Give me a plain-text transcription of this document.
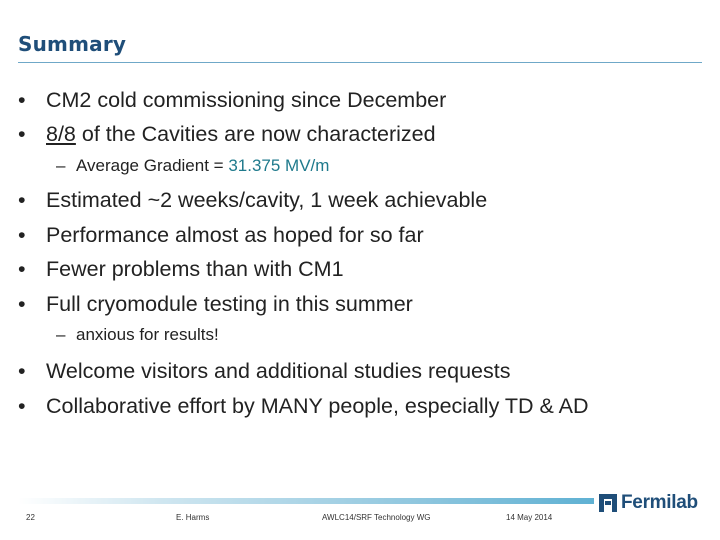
Summary
• CM2 cold commissioning since December
• 8/8 of the Cavities are now characterized
– Average Gradient = 31.375 MV/m
• Estimated ~2 weeks/cavity, 1 week achievable
• Performance almost as hoped for so far
• Fewer problems than with CM1
• Full cryomodule testing in this summer
– anxious for results!
• Welcome visitors and additional studies requests
• Collaborative effort by MANY people, especially TD & AD
22	E. Harms	AWLC14/SRF Technology WG	14 May 2014
Fermilab
